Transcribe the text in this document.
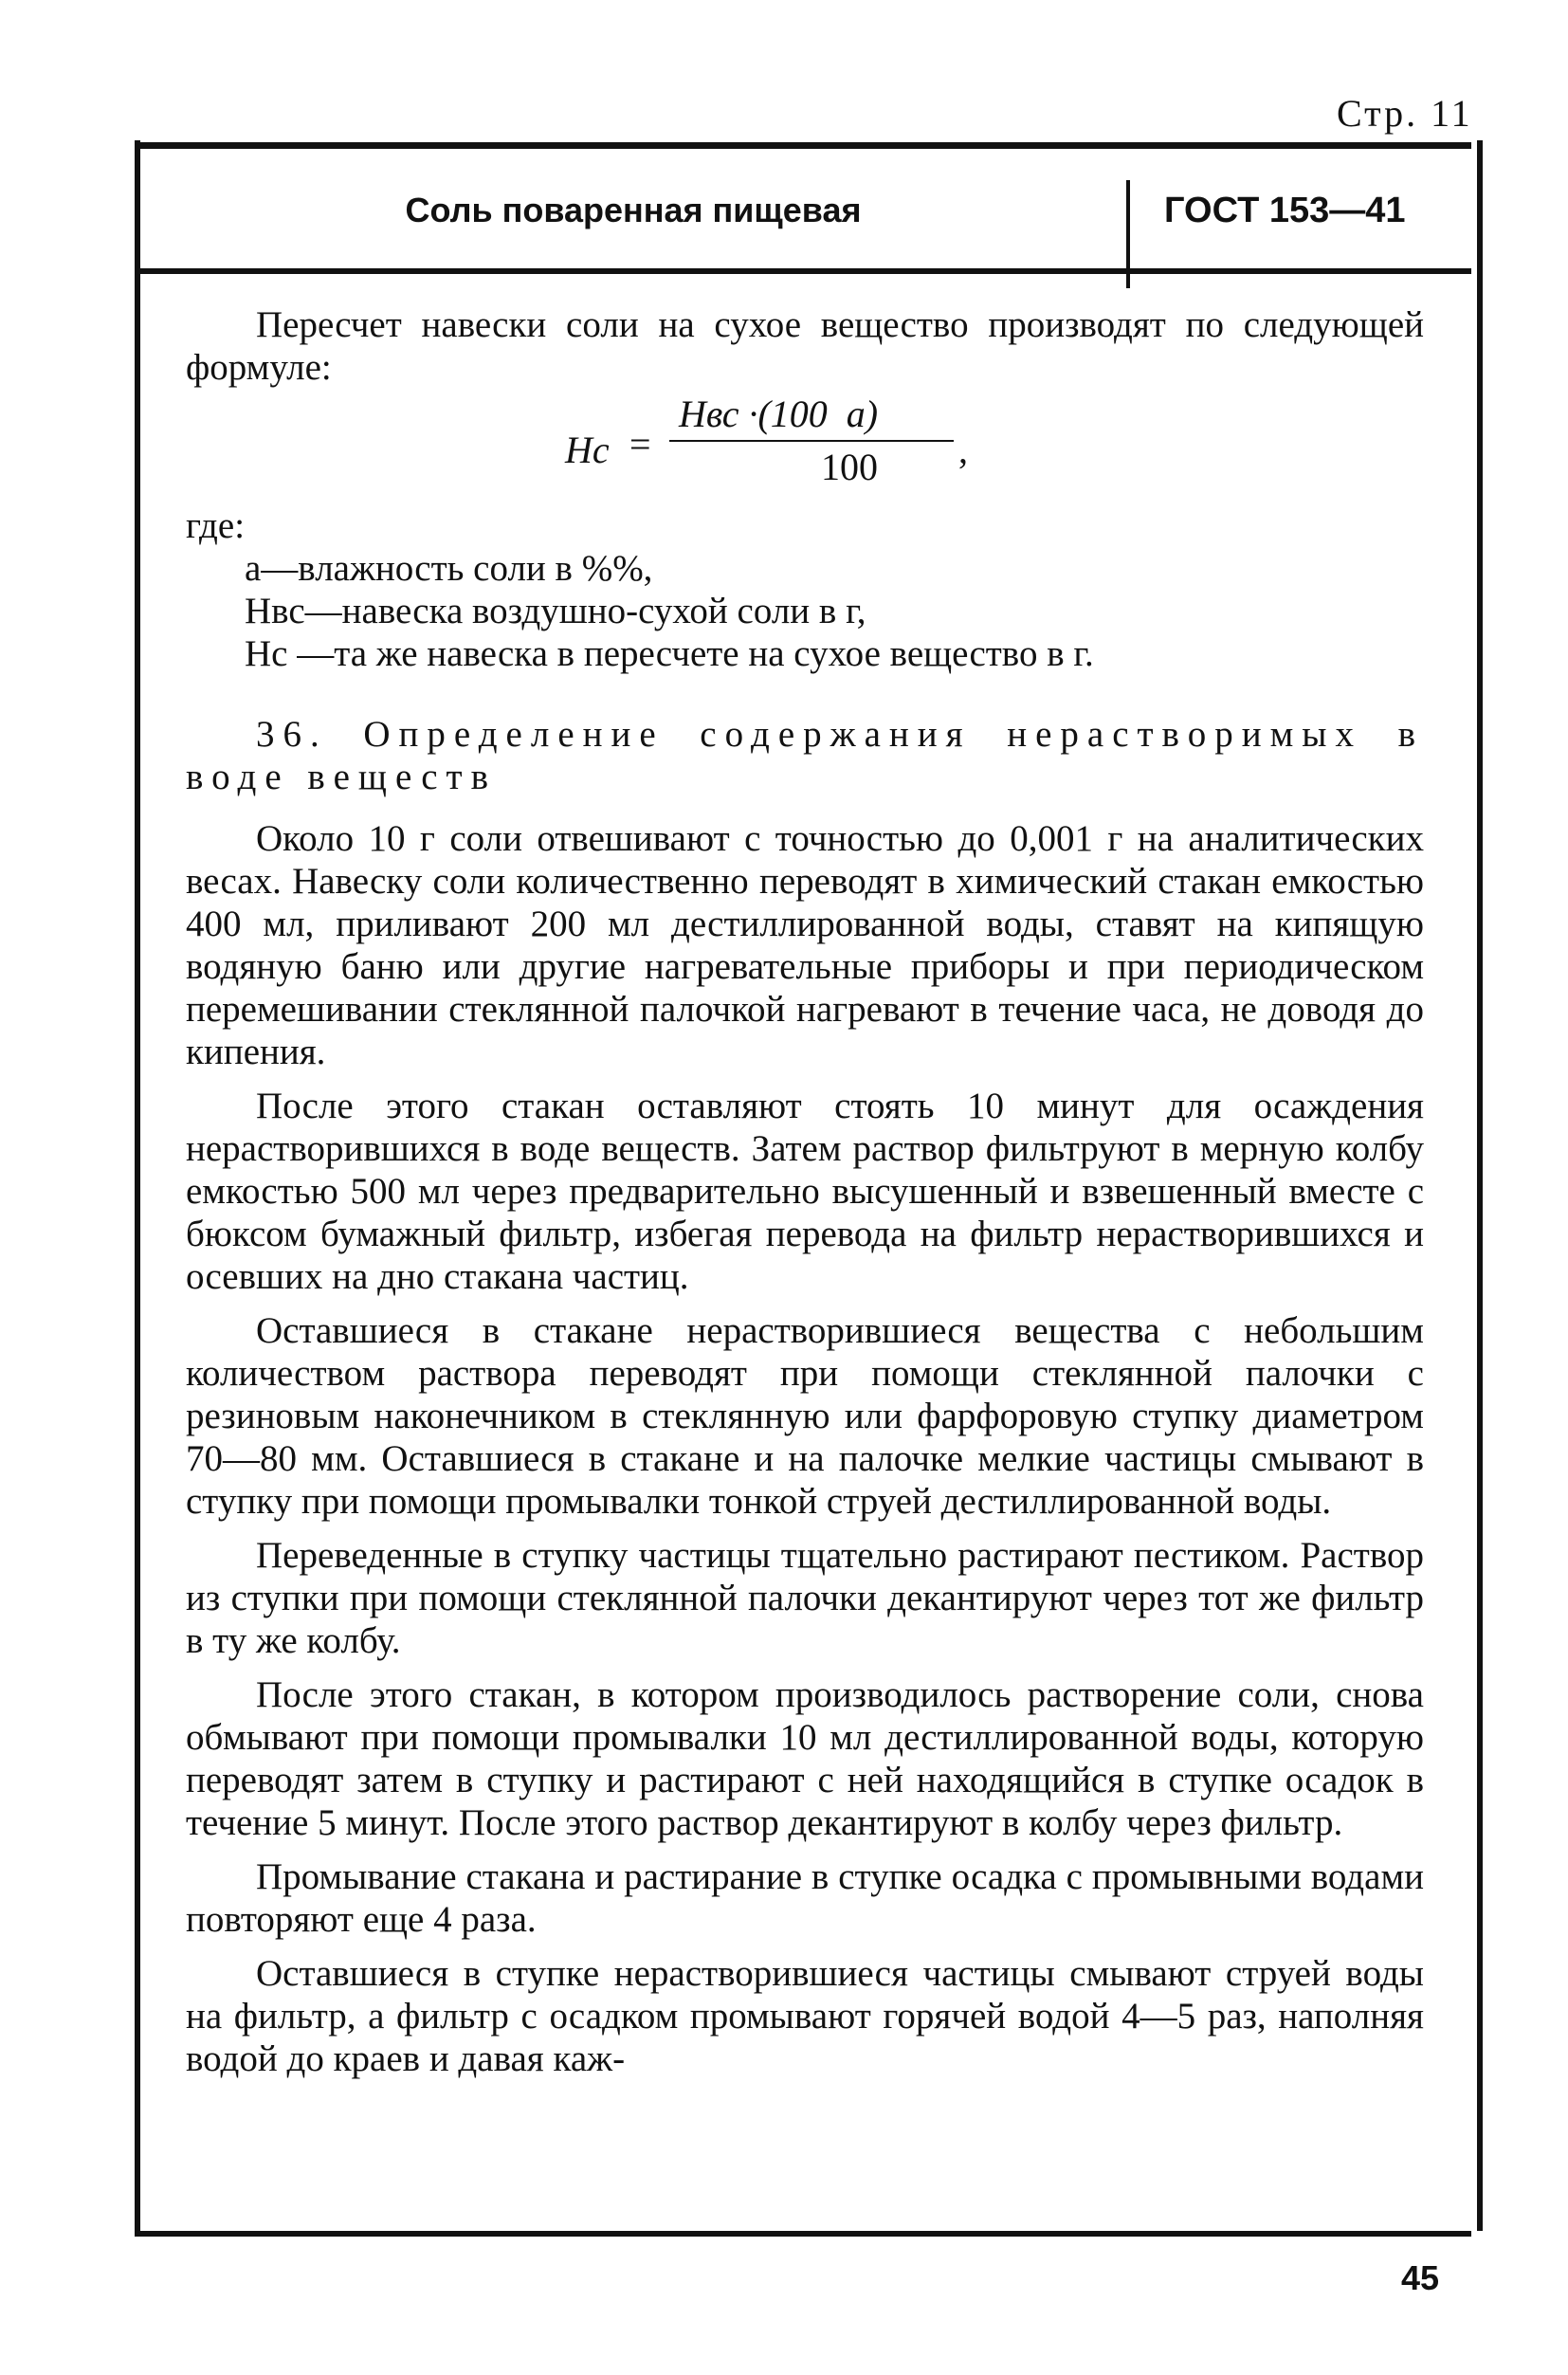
Стр. 11
Соль поваренная пищевая	ГОСТ 153—41

Пересчет навески соли на сухое вещество производят по следующей формуле:

Нс =
Нвс ·(100  а)
100 ,

где:

а—влажность соли в %%,
Нвс—навеска воздушно-сухой соли в г,
Нс —та же навеска в пересчете на сухое вещество в г.

36. Определение содержания нерастворимых в воде веществ

Около 10 г соли отвешивают с точностью до 0,001 г на аналитических весах. Навеску соли количественно переводят в химический стакан емкостью 400 мл, приливают 200 мл дестиллированной воды, ставят на кипящую водяную баню или другие нагревательные приборы и при периодическом перемешивании стеклянной палочкой нагревают в течение часа, не доводя до кипения.

После этого стакан оставляют стоять 10 минут для осаждения нерастворившихся в воде веществ. Затем раствор фильтруют в мерную колбу емкостью 500 мл через предварительно высушенный и взвешенный вместе с бюксом бумажный фильтр, избегая перевода на фильтр нерастворившихся и осевших на дно стакана частиц.

Оставшиеся в стакане нерастворившиеся вещества с небольшим количеством раствора переводят при помощи стеклянной палочки с резиновым наконечником в стеклянную или фарфоровую ступку диаметром 70—80 мм. Оставшиеся в стакане и на палочке мелкие частицы смывают в ступку при помощи промывалки тонкой струей дестиллированной воды.

Переведенные в ступку частицы тщательно растирают пестиком. Раствор из ступки при помощи стеклянной палочки декантируют через тот же фильтр в ту же колбу.

После этого стакан, в котором производилось растворение соли, снова обмывают при помощи промывалки 10 мл дестиллированной воды, которую переводят затем в ступку и растирают с ней находящийся в ступке осадок в течение 5 минут. После этого раствор декантируют в колбу через фильтр.

Промывание стакана и растирание в ступке осадка с промывными водами повторяют еще 4 раза.

Оставшиеся в ступке нерастворившиеся частицы смывают струей воды на фильтр, а фильтр с осадком промывают горячей водой 4—5 раз, наполняя водой до краев и давая каж-

45
